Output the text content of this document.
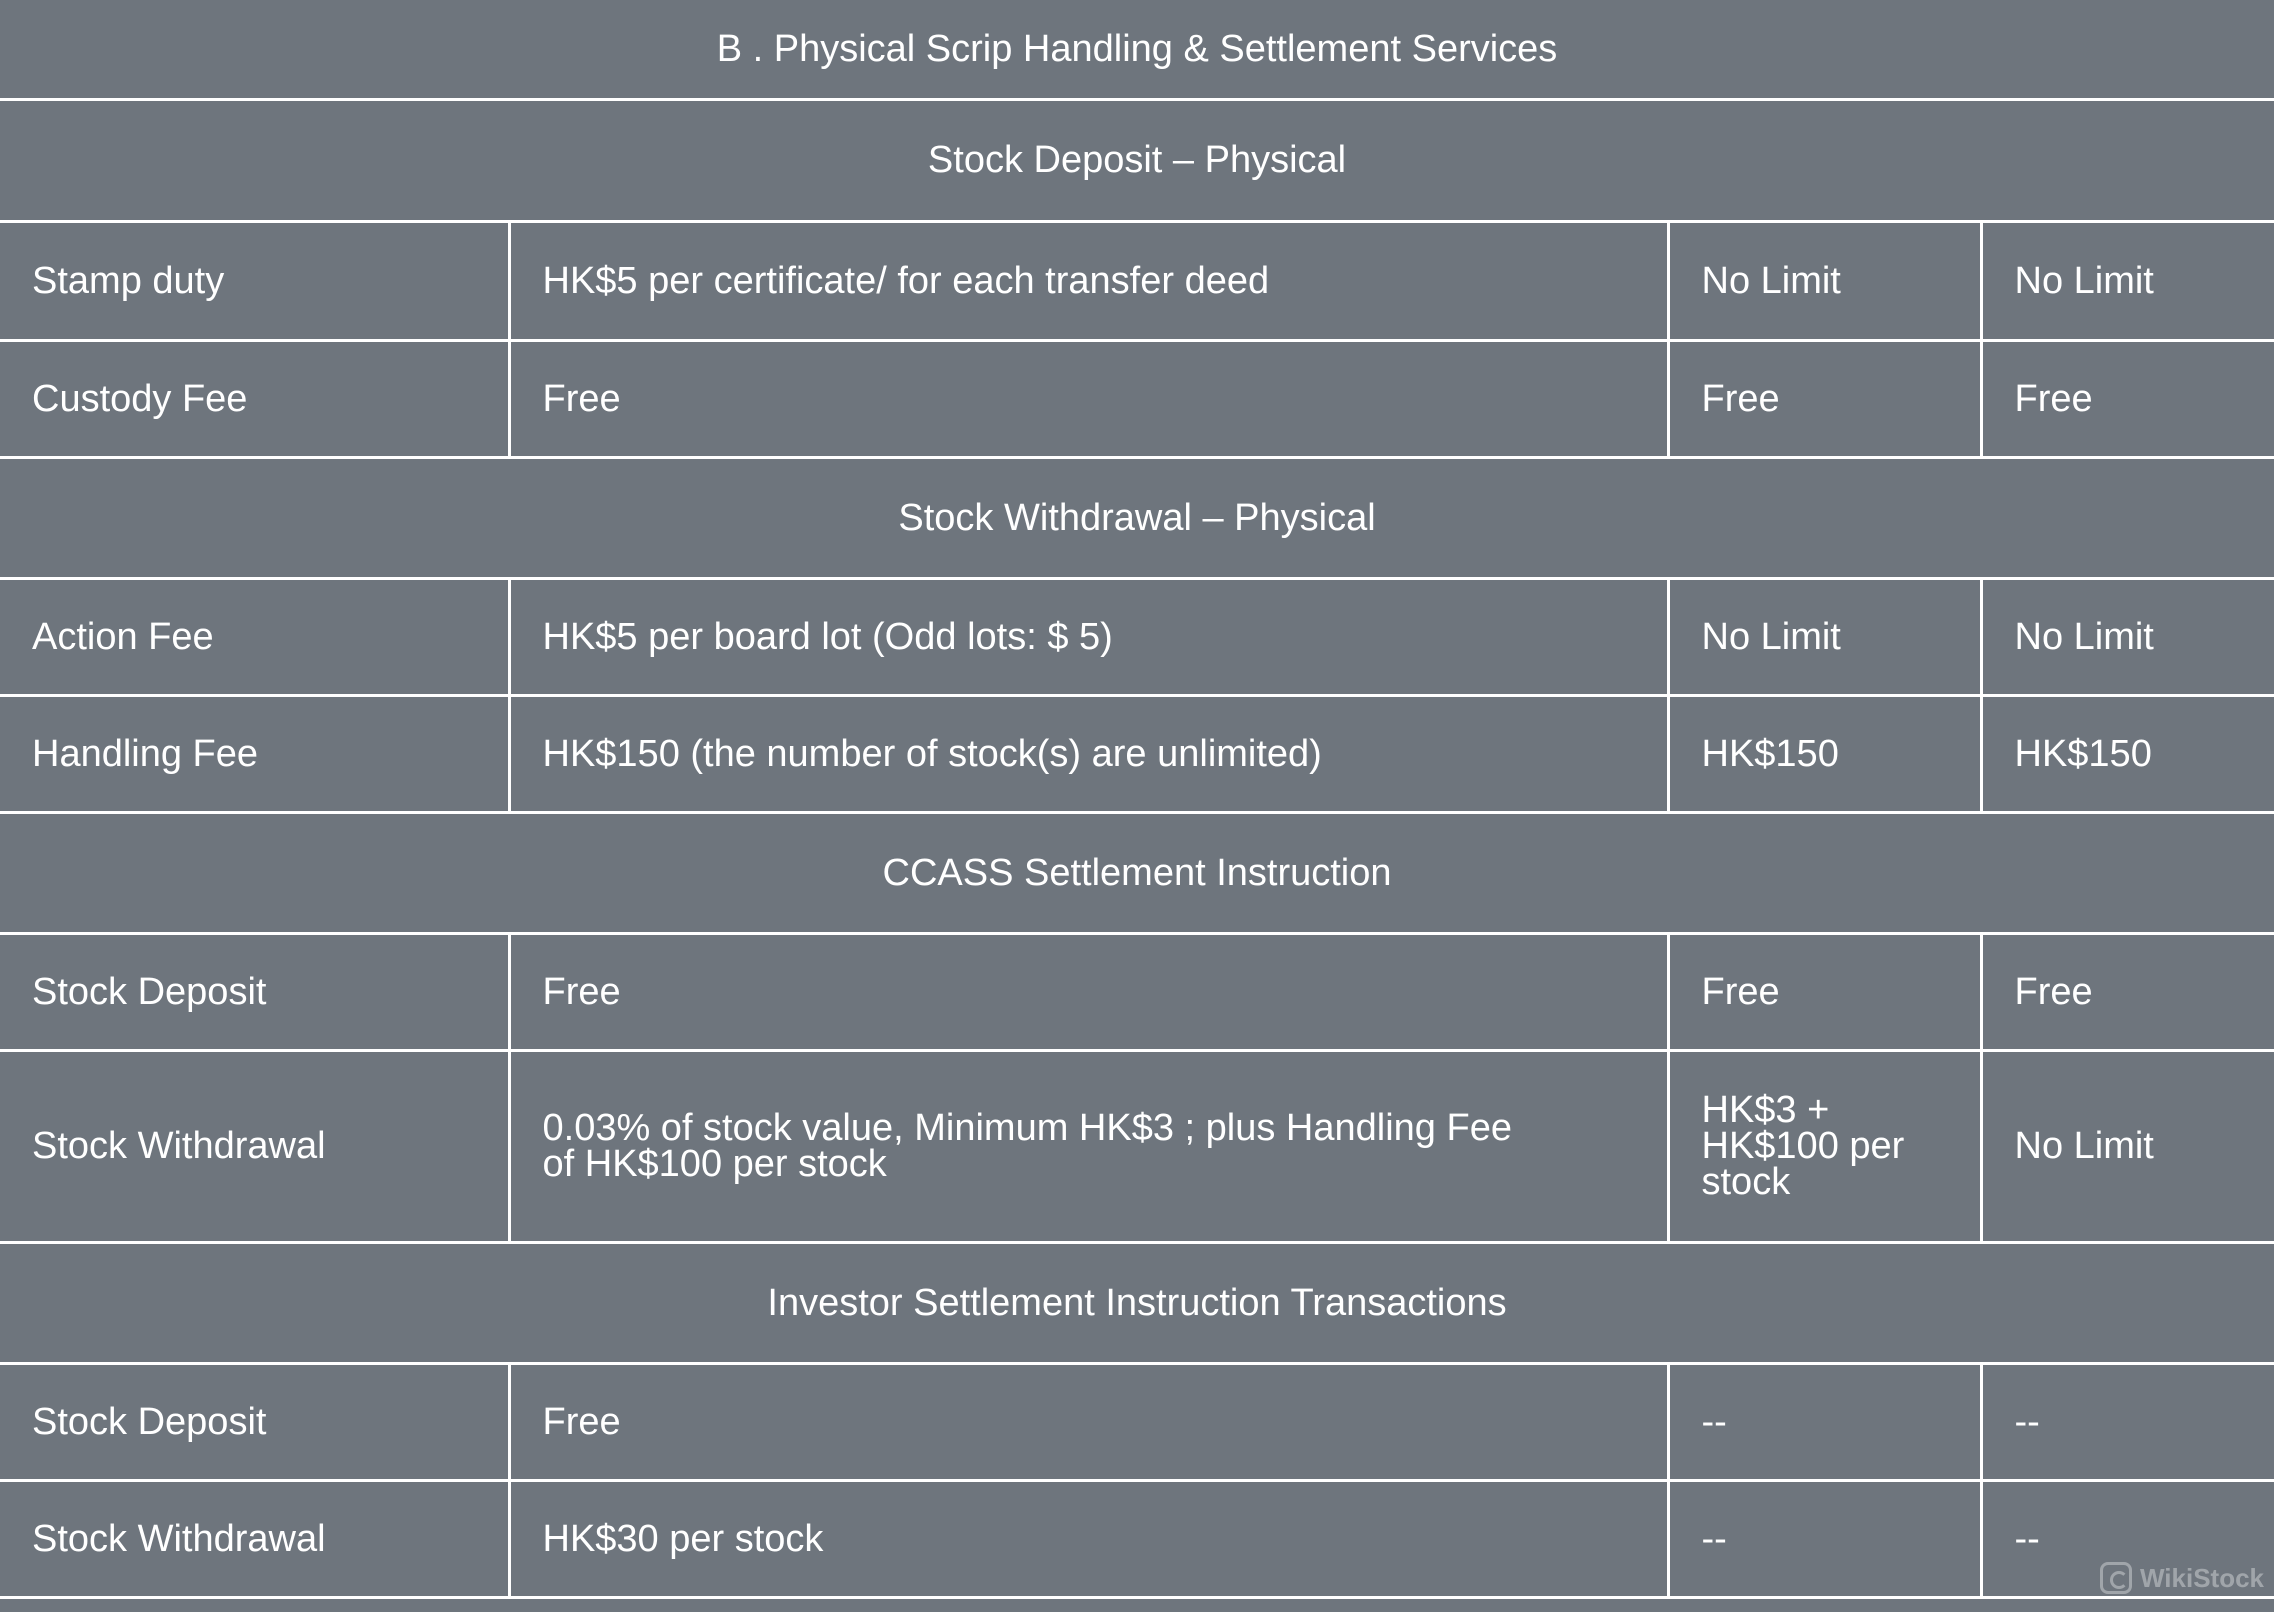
B . Physical Scrip Handling & Settlement Services			
Stock Deposit – Physical			
Stamp duty	HK$5 per certificate/ for each transfer deed	No Limit	No Limit
Custody Fee	Free	Free	Free
Stock Withdrawal – Physical			
Action Fee	HK$5 per board lot (Odd lots: $ 5)	No Limit	No Limit
Handling Fee	HK$150 (the number of stock(s) are unlimited)	HK$150	HK$150
CCASS Settlement Instruction			
Stock Deposit	Free	Free	Free
Stock Withdrawal	0.03% of stock value, Minimum HK$3 ; plus Handling Fee of HK$100 per stock	HK$3 + HK$100 per stock	No Limit
Investor Settlement Instruction Transactions			
Stock Deposit	Free	--	--
Stock Withdrawal	HK$30 per stock	--	--
WikiStock
